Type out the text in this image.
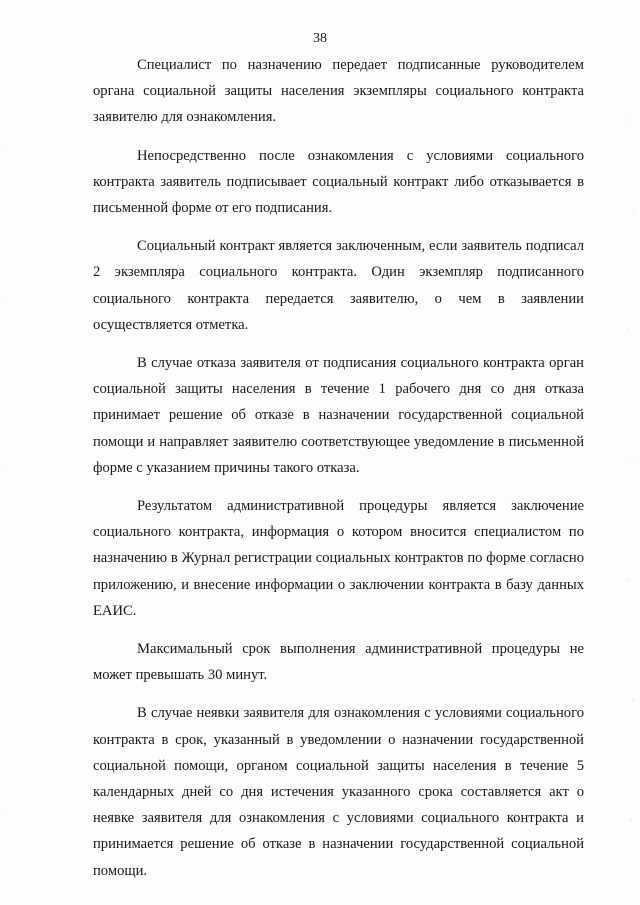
38

Специалист по назначению передает подписанные руководителем органа социальной защиты населения экземпляры социального контракта заявителю для ознакомления.

Непосредственно после ознакомления с условиями социального контракта заявитель подписывает социальный контракт либо отказывается в письменной форме от его подписания.

Социальный контракт является заключенным, если заявитель подписал 2 экземпляра социального контракта. Один экземпляр подписанного социального контракта передается заявителю, о чем в заявлении осуществляется отметка.

В случае отказа заявителя от подписания социального контракта орган социальной защиты населения в течение 1 рабочего дня со дня отказа принимает решение об отказе в назначении государственной социальной помощи и направляет заявителю соответствующее уведомление в письменной форме с указанием причины такого отказа.

Результатом административной процедуры является заключение социального контракта, информация о котором вносится специалистом по назначению в Журнал регистрации социальных контрактов по форме согласно приложению, и внесение информации о заключении контракта в базу данных ЕАИС.

Максимальный срок выполнения административной процедуры не может превышать 30 минут.

В случае неявки заявителя для ознакомления с условиями социального контракта в срок, указанный в уведомлении о назначении государственной социальной помощи, органом социальной защиты населения в течение 5 календарных дней со дня истечения указанного срока составляется акт о неявке заявителя для ознакомления с условиями социального контракта и принимается решение об отказе в назначении государственной социальной помощи.
